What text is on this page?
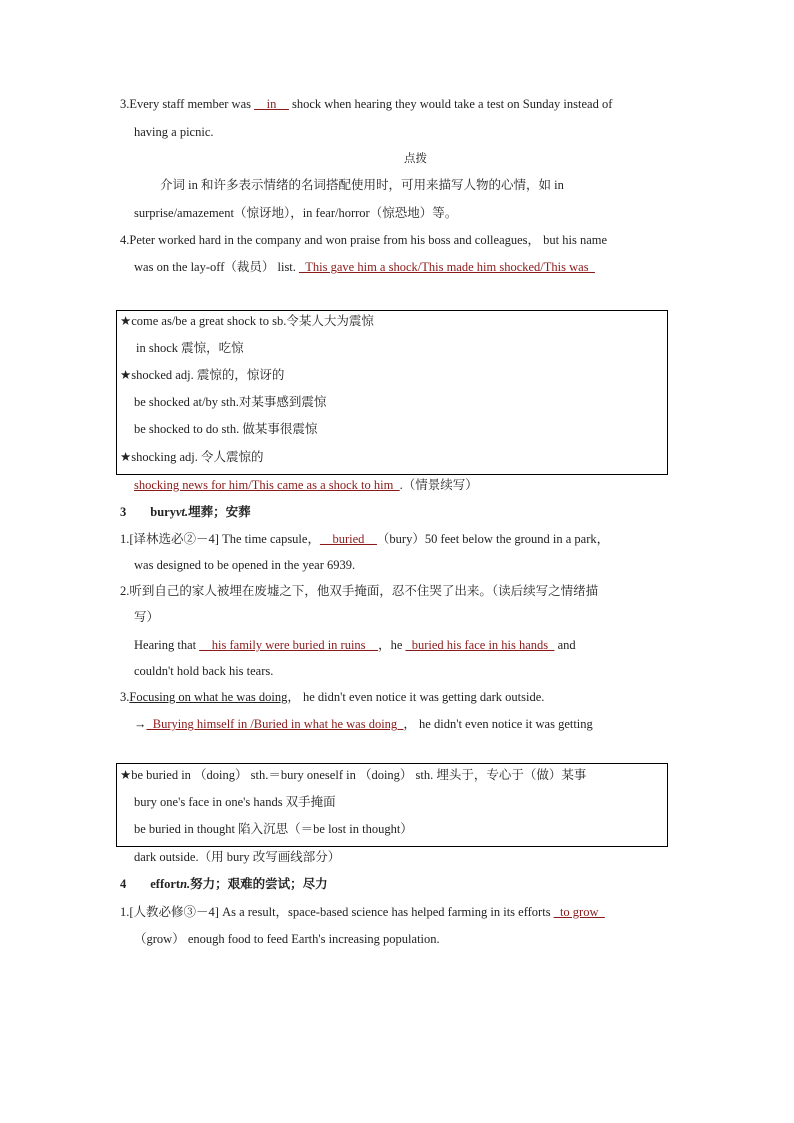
3.Every staff member was __in__ shock when hearing they would take a test on Sunday instead of
having a picnic.
点拨
介词 in 和许多表示情绪的名词搭配使用时，可用来描写人物的心情，如 in
surprise/amazement（惊讶地），in fear/horror（惊恐地）等。
4.Peter worked hard in the company and won praise from his boss and colleagues， but his name
was on the lay-off（裁员） list. _This gave him a shock/This made him shocked/This was_
★come as/be a great shock to sb.令某人大为震惊
in shock 震惊，吃惊
★shocked adj. 震惊的，惊讶的
be shocked at/by sth.对某事感到震惊
be shocked to do sth. 做某事很震惊
★shocking adj. 令人震惊的
shocking news for him/This came as a shock to him_.（情景续写）
3 buryvt.埋葬；安葬
1.[译林选必②－4] The time capsule，__buried__（bury）50 feet below the ground in a park，
was designed to be opened in the year 6939.
2.听到自己的家人被埋在废墟之下，他双手掩面，忍不住哭了出来。（读后续写之情绪描
写）
Hearing that __his family were buried in ruins__，he _buried his face in his hands_ and
couldn't hold back his tears.
3.Focusing on what he was doing， he didn't even notice it was getting dark outside.
→_Burying himself in /Buried in what he was doing_， he didn't even notice it was getting
★be buried in （doing） sth.＝bury oneself in （doing） sth. 埋头于，专心于（做）某事
bury one's face in one's hands 双手掩面
be buried in thought 陷入沉思（＝be lost in thought）
dark outside.（用 bury 改写画线部分）
4 effortn.努力；艰难的尝试；尽力
1.[人教必修③－4] As a result，space-based science has helped farming in its efforts _to grow_
（grow） enough food to feed Earth's increasing population.
